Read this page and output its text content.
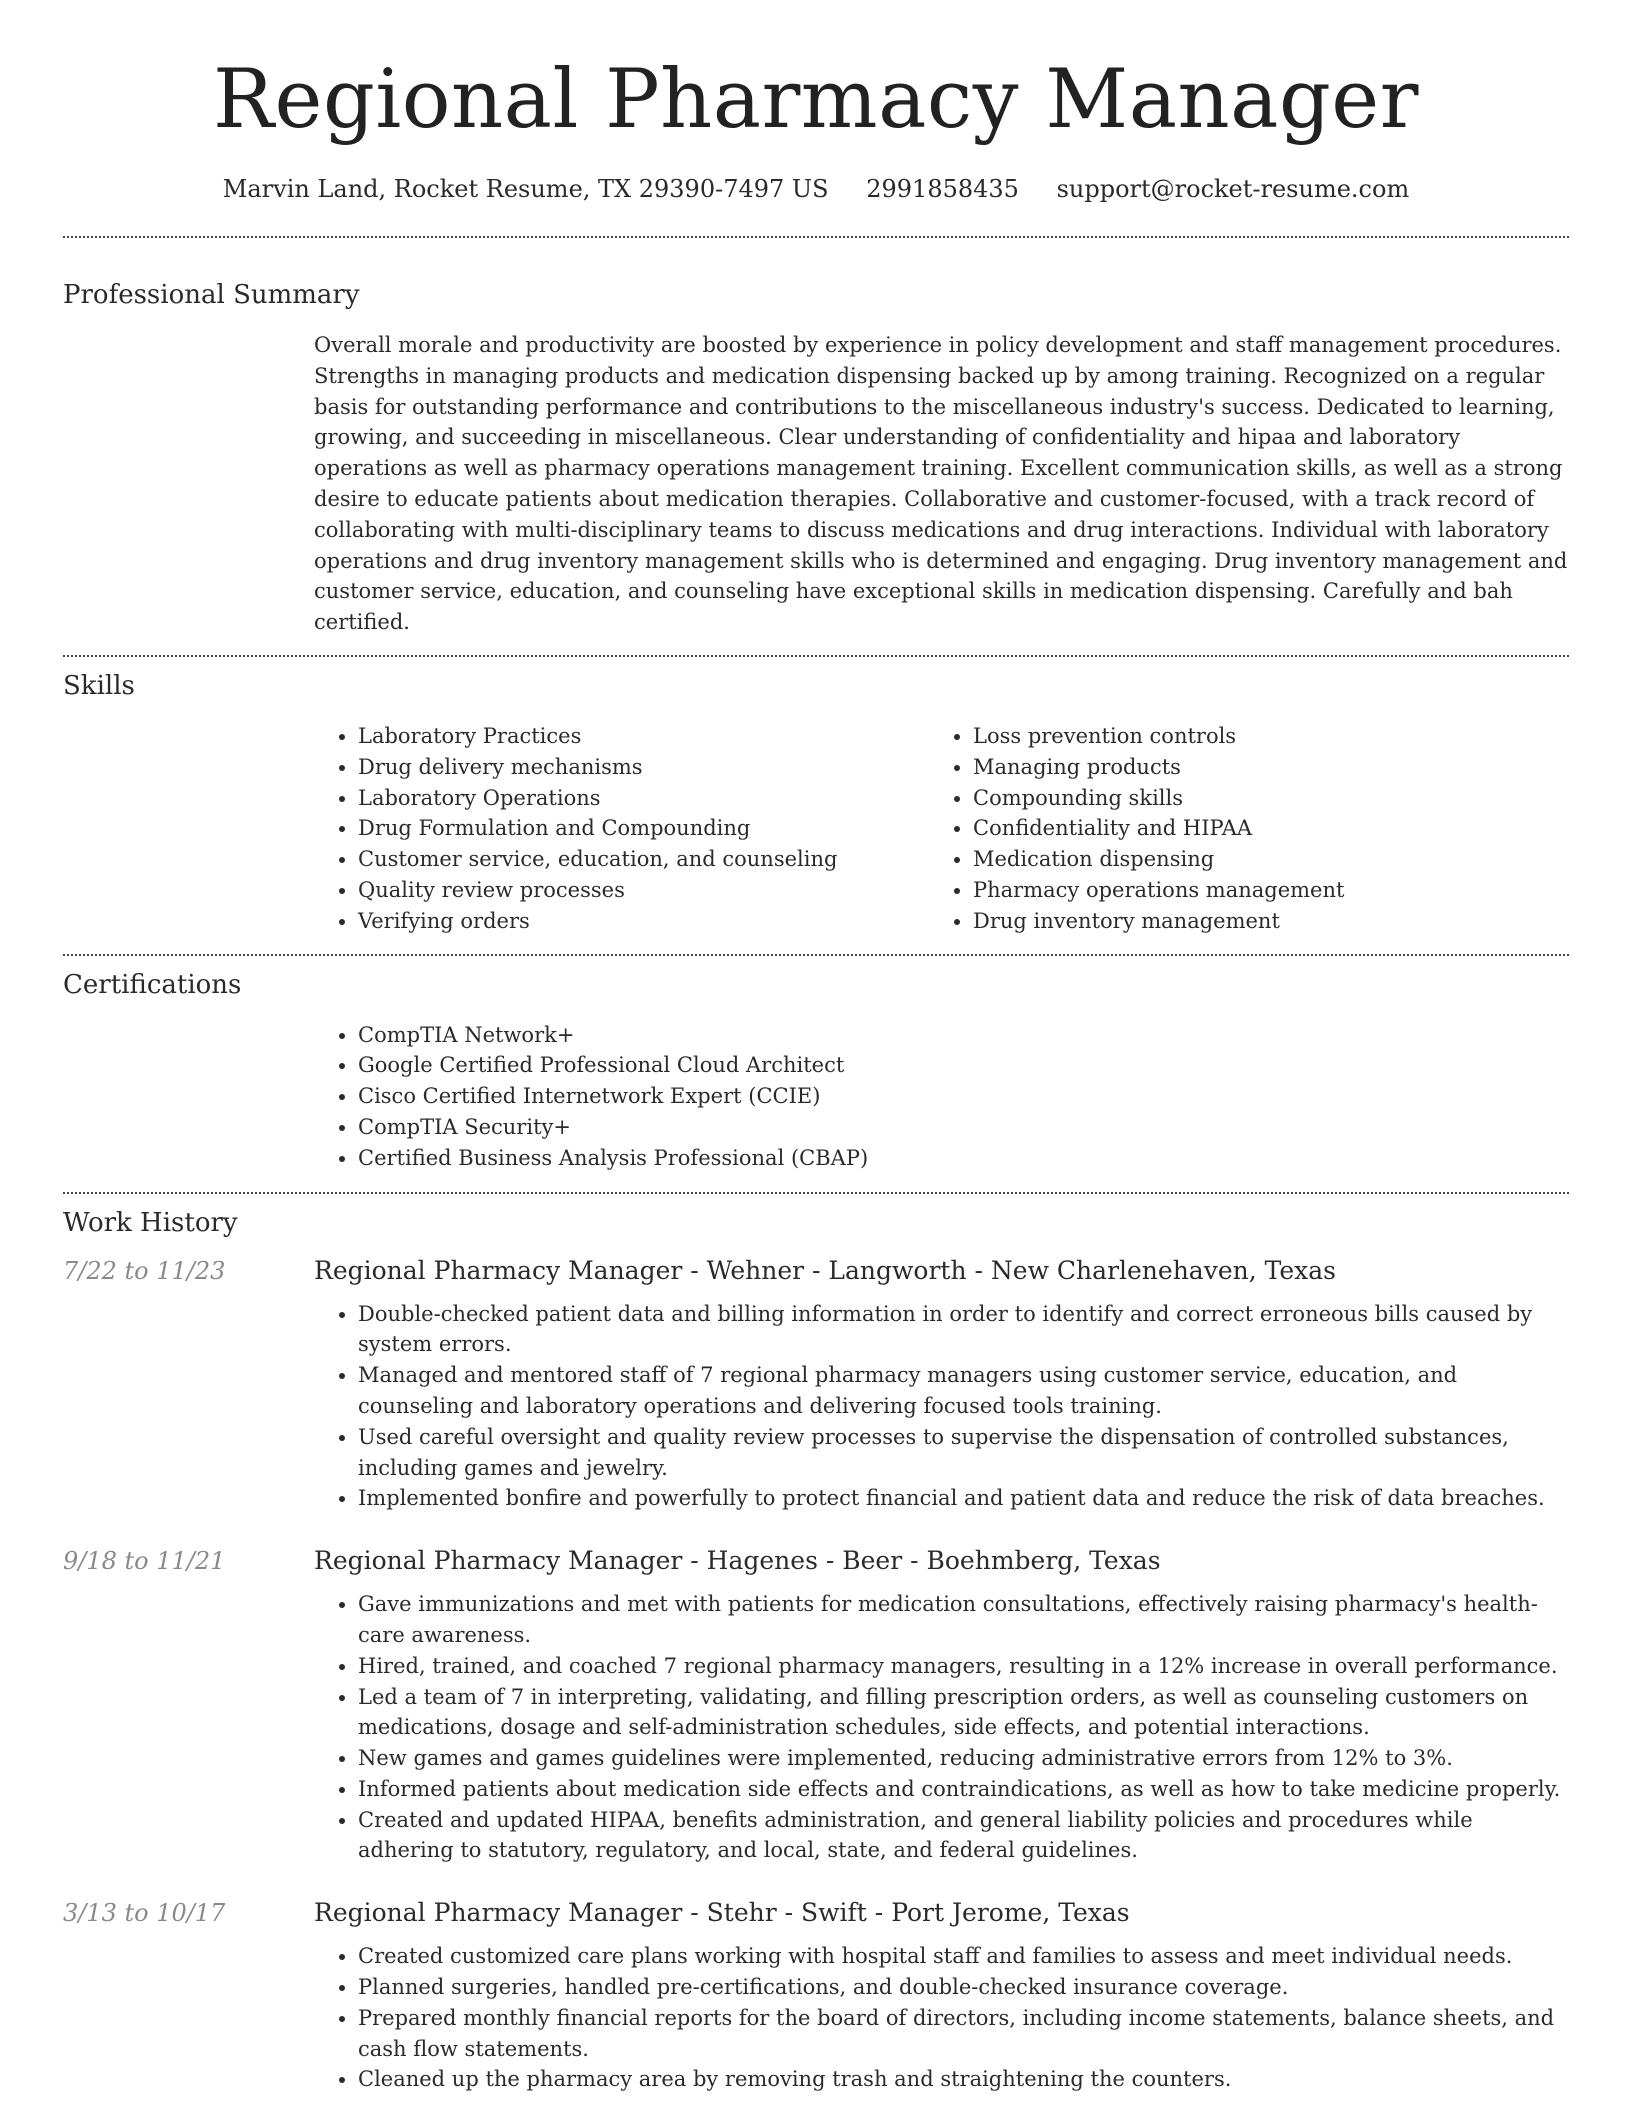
Regional Pharmacy Manager
Marvin Land, Rocket Resume, TX 29390-7497 US 2991858435 support@rocket-resume.com
Professional Summary

Overall morale and productivity are boosted by experience in policy development and staff management procedures. Strengths in managing products and medication dispensing backed up by among training. Recognized on a regular basis for outstanding performance and contributions to the miscellaneous industry's success. Dedicated to learning, growing, and succeeding in miscellaneous. Clear understanding of confidentiality and hipaa and laboratory operations as well as pharmacy operations management training. Excellent communication skills, as well as a strong desire to educate patients about medication therapies. Collaborative and customer-focused, with a track record of collaborating with multi-disciplinary teams to discuss medications and drug interactions. Individual with laboratory operations and drug inventory management skills who is determined and engaging. Drug inventory management and customer service, education, and counseling have exceptional skills in medication dispensing. Carefully and bah certified.

Skills
• Laboratory Practices
• Drug delivery mechanisms
• Laboratory Operations
• Drug Formulation and Compounding
• Customer service, education, and counseling
• Quality review processes
• Verifying orders
• Loss prevention controls
• Managing products
• Compounding skills
• Confidentiality and HIPAA
• Medication dispensing
• Pharmacy operations management
• Drug inventory management
Certifications
• CompTIA Network+
• Google Certified Professional Cloud Architect
• Cisco Certified Internetwork Expert (CCIE)
• CompTIA Security+
• Certified Business Analysis Professional (CBAP)
Work History
7/22 to 11/23	Regional Pharmacy Manager - Wehner - Langworth - New Charlenehaven, Texas
• Double-checked patient data and billing information in order to identify and correct erroneous bills caused by system errors.
• Managed and mentored staff of 7 regional pharmacy managers using customer service, education, and counseling and laboratory operations and delivering focused tools training.
• Used careful oversight and quality review processes to supervise the dispensation of controlled substances, including games and jewelry.
• Implemented bonfire and powerfully to protect financial and patient data and reduce the risk of data breaches.
9/18 to 11/21	Regional Pharmacy Manager - Hagenes - Beer - Boehmberg, Texas
• Gave immunizations and met with patients for medication consultations, effectively raising pharmacy's health-care awareness.
• Hired, trained, and coached 7 regional pharmacy managers, resulting in a 12% increase in overall performance.
• Led a team of 7 in interpreting, validating, and filling prescription orders, as well as counseling customers on medications, dosage and self-administration schedules, side effects, and potential interactions.
• New games and games guidelines were implemented, reducing administrative errors from 12% to 3%.
• Informed patients about medication side effects and contraindications, as well as how to take medicine properly.
• Created and updated HIPAA, benefits administration, and general liability policies and procedures while adhering to statutory, regulatory, and local, state, and federal guidelines.
3/13 to 10/17	Regional Pharmacy Manager - Stehr - Swift - Port Jerome, Texas
• Created customized care plans working with hospital staff and families to assess and meet individual needs.
• Planned surgeries, handled pre-certifications, and double-checked insurance coverage.
• Prepared monthly financial reports for the board of directors, including income statements, balance sheets, and cash flow statements.
• Cleaned up the pharmacy area by removing trash and straightening the counters.
